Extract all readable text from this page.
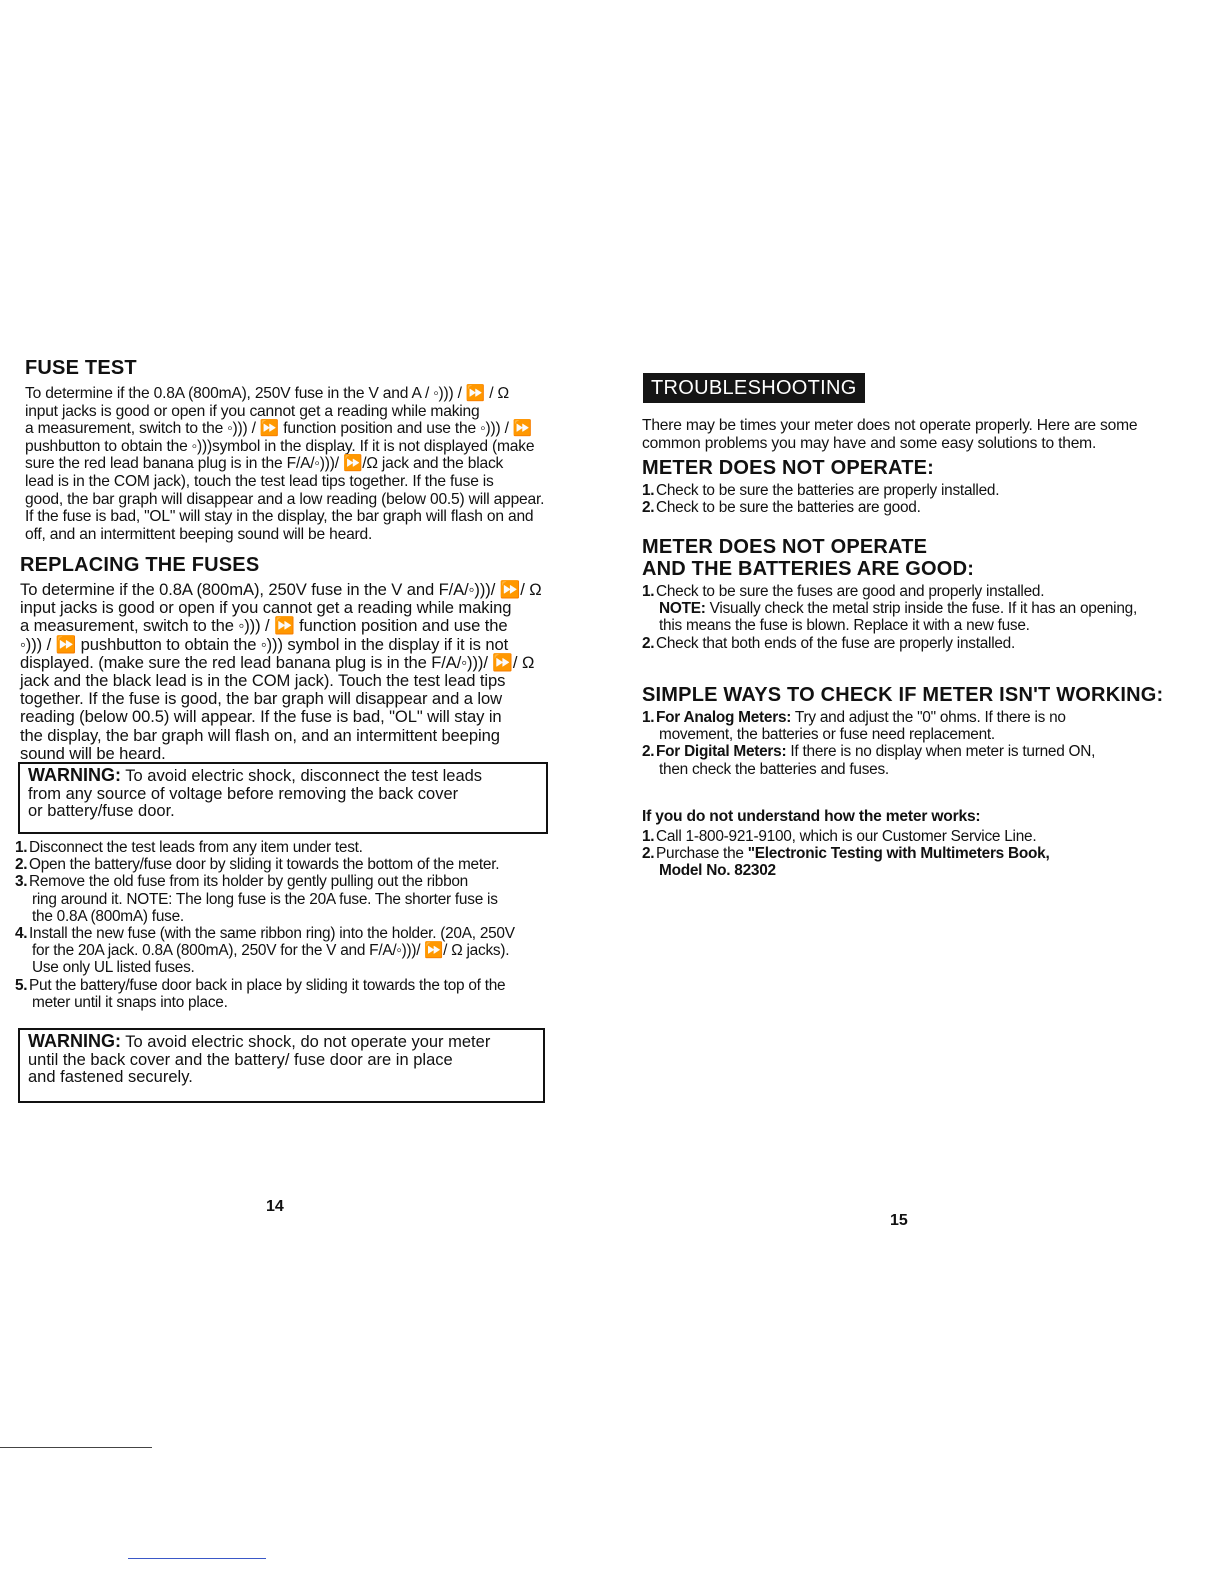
FUSE TEST

To determine if the 0.8A (800mA), 250V fuse in the V and A / ◦))) / ⏩ / Ω

input jacks is good or open if you cannot get a reading while making

a measurement, switch to the ◦))) / ⏩ function position and use the ◦))) / ⏩

pushbutton to obtain the ◦)))symbol in the display. If it is not displayed (make

sure the red lead banana plug is in the F/A/◦)))/ ⏩/Ω jack and the black

lead is in the COM jack), touch the test lead tips together. If the fuse is

good, the bar graph will disappear and a low reading (below 00.5) will appear.

If the fuse is bad, "OL" will stay in the display, the bar graph will flash on and

off, and an intermittent beeping sound will be heard.

REPLACING THE FUSES

To determine if the 0.8A (800mA), 250V fuse in the V and F/A/◦)))/ ⏩/ Ω

input jacks is good or open if you cannot get a reading while making

a measurement, switch to the ◦))) / ⏩ function position and use the

◦))) / ⏩ pushbutton to obtain the ◦))) symbol in the display if it is not

displayed. (make sure the red lead banana plug is in the F/A/◦)))/ ⏩/ Ω

jack and the black lead is in the COM jack). Touch the test lead tips

together. If the fuse is good, the bar graph will disappear and a low

reading (below 00.5) will appear. If the fuse is bad, "OL" will stay in

the display, the bar graph will flash on, and an intermittent beeping

sound will be heard.

WARNING: To avoid electric shock, disconnect the test leads
from any source of voltage before removing the back cover
or battery/fuse door.
1. Disconnect the test leads from any item under test.
2. Open the battery/fuse door by sliding it towards the bottom of the meter.
3. Remove the old fuse from its holder by gently pulling out the ribbon
ring around it. NOTE: The long fuse is the 20A fuse. The shorter fuse is
the 0.8A (800mA) fuse.
4. Install the new fuse (with the same ribbon ring) into the holder. (20A, 250V
for the 20A jack. 0.8A (800mA), 250V for the V and F/A/◦)))/ ⏩/ Ω jacks).
Use only UL listed fuses.
5. Put the battery/fuse door back in place by sliding it towards the top of the
meter until it snaps into place.
WARNING: To avoid electric shock, do not operate your meter
until the back cover and the battery/ fuse door are in place
and fastened securely.
14
TROUBLESHOOTING

There may be times your meter does not operate properly. Here are some

common problems you may have and some easy solutions to them.

METER DOES NOT OPERATE:
1. Check to be sure the batteries are properly installed.
2. Check to be sure the batteries are good.
METER DOES NOT OPERATE
AND THE BATTERIES ARE GOOD:
1. Check to be sure the fuses are good and properly installed.
NOTE: Visually check the metal strip inside the fuse. If it has an opening,
this means the fuse is blown. Replace it with a new fuse.
2. Check that both ends of the fuse are properly installed.
SIMPLE WAYS TO CHECK IF METER ISN'T WORKING:
1. For Analog Meters: Try and adjust the "0" ohms. If there is no
movement, the batteries or fuse need replacement.
2. For Digital Meters: If there is no display when meter is turned ON,
then check the batteries and fuses.

If you do not understand how the meter works:

1. Call 1-800-921-9100, which is our Customer Service Line.
2. Purchase the "Electronic Testing with Multimeters Book,
Model No. 82302
15
